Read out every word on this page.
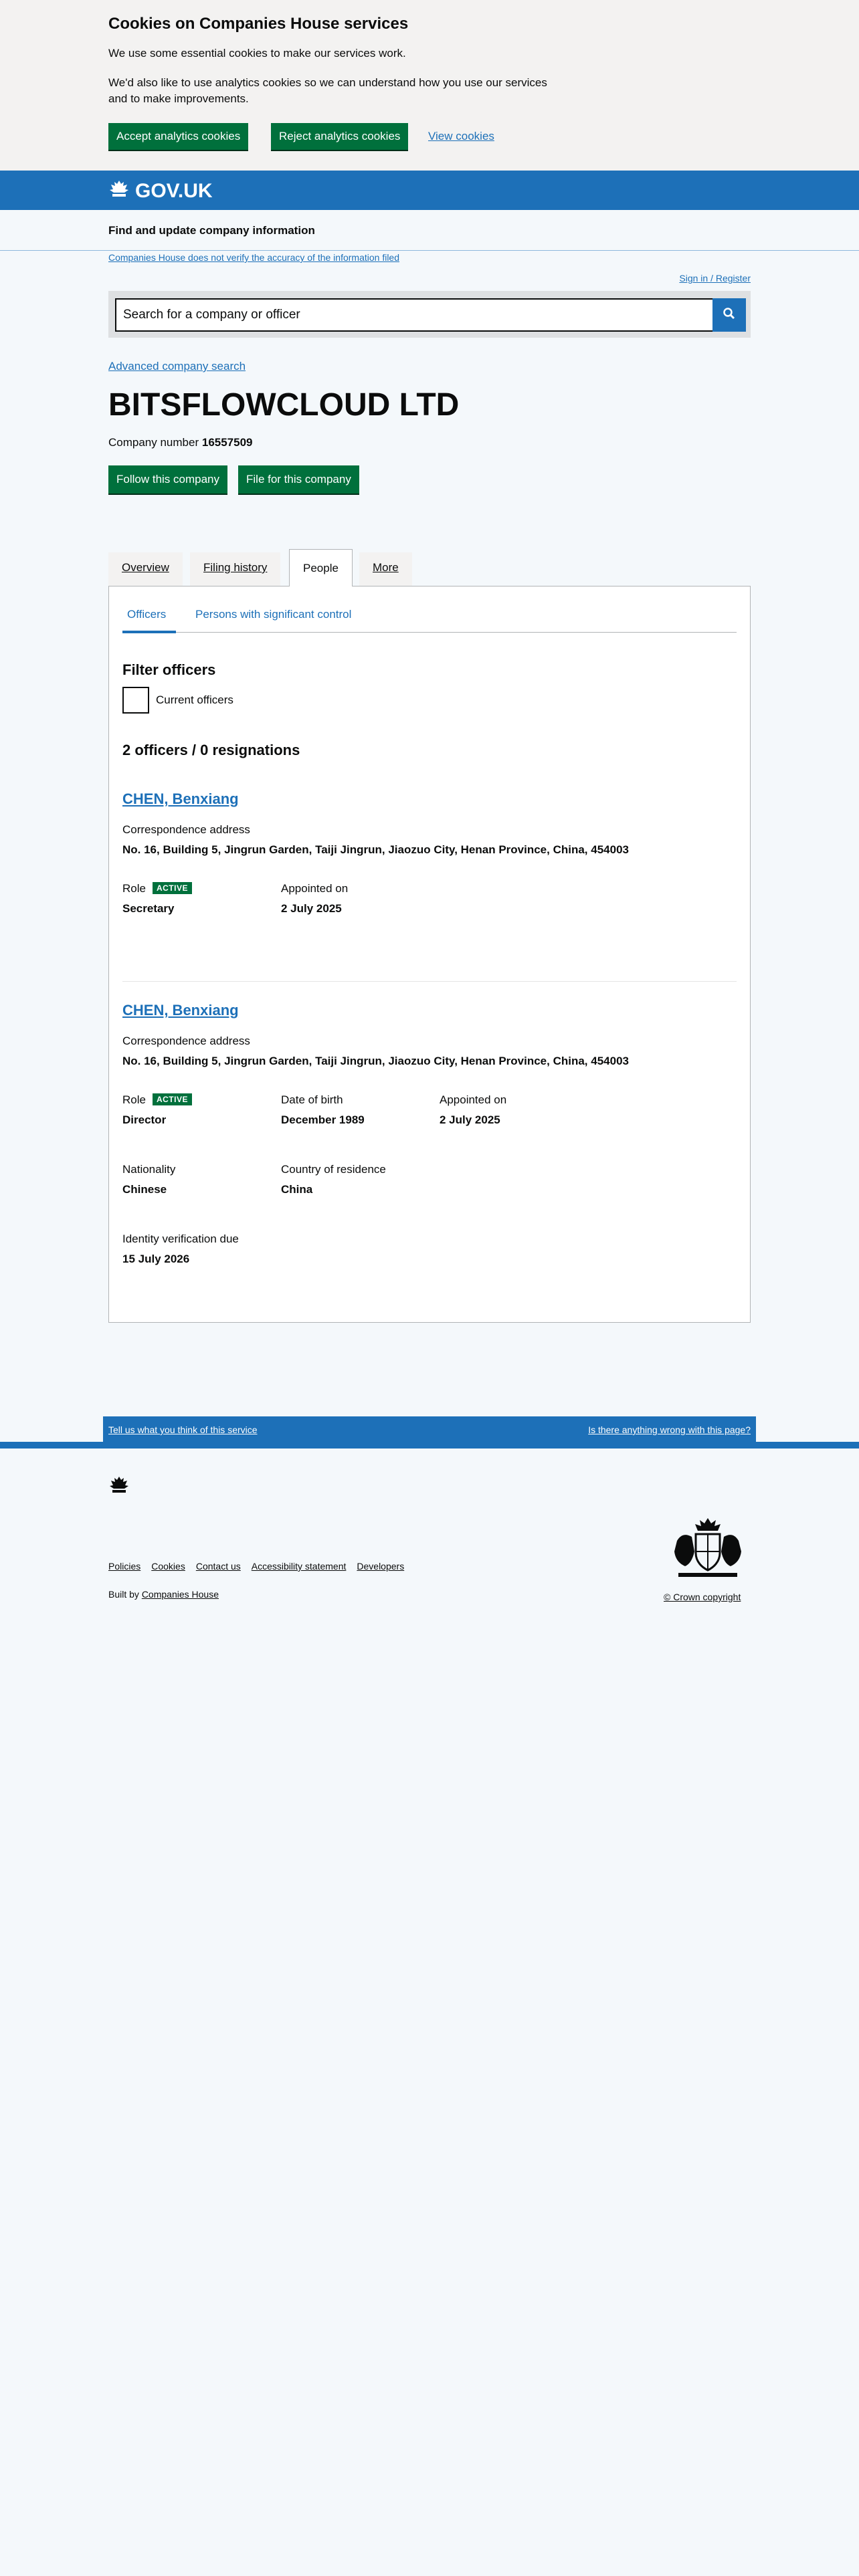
Cookies on Companies House services

We use some essential cookies to make our services work.

We'd also like to use analytics cookies so we can understand how you use our services and to make improvements.

Accept analytics cookies	Reject analytics cookies	View cookies
GOV.UK
Find and update company information
Companies House does not verify the accuracy of the information filed
Sign in / Register
Search for a company or officer
Advanced company search
BITSFLOWCLOUD LTD
Company number 16557509
Follow this company	File for this company
Overview	Filing history	People	More
Officers	Persons with significant control
Filter officers
Current officers
2 officers / 0 resignations
CHEN, Benxiang
Correspondence address
No. 16, Building 5, Jingrun Garden, Taiji Jingrun, Jiaozuo City, Henan Province, China, 454003
Role ACTIVE
Secretary
Appointed on
2 July 2025
CHEN, Benxiang
Correspondence address
No. 16, Building 5, Jingrun Garden, Taiji Jingrun, Jiaozuo City, Henan Province, China, 454003
Role ACTIVE
Director
Date of birth
December 1989
Appointed on
2 July 2025
Nationality
Chinese
Country of residence
China
Identity verification due
15 July 2026
Tell us what you think of this service	Is there anything wrong with this page?
Policies Cookies Contact us Accessibility statement Developers
Built by Companies House	© Crown copyright
